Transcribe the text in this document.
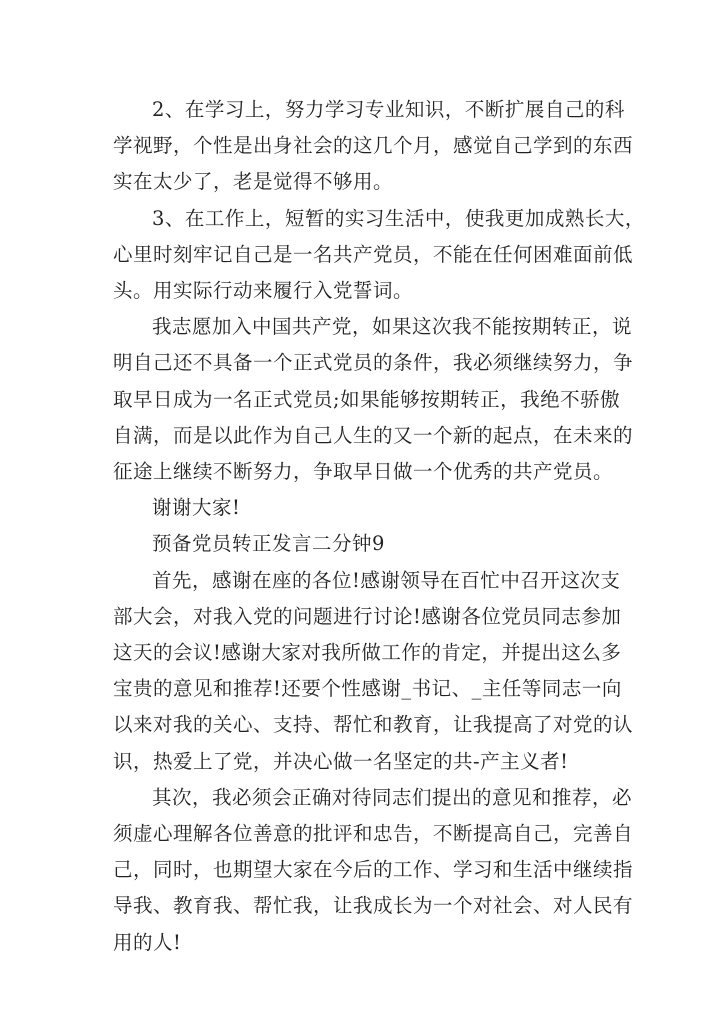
2、在学习上，努力学习专业知识，不断扩展自己的科
学视野，个性是出身社会的这几个月，感觉自己学到的东西
实在太少了，老是觉得不够用。
3、在工作上，短暂的实习生活中，使我更加成熟长大，
心里时刻牢记自己是一名共产党员，不能在任何困难面前低
头。用实际行动来履行入党誓词。
我志愿加入中国共产党，如果这次我不能按期转正，说
明自己还不具备一个正式党员的条件，我必须继续努力，争
取早日成为一名正式党员;如果能够按期转正，我绝不骄傲
自满，而是以此作为自己人生的又一个新的起点，在未来的
征途上继续不断努力，争取早日做一个优秀的共产党员。
谢谢大家!
预备党员转正发言二分钟9
首先，感谢在座的各位!感谢领导在百忙中召开这次支
部大会，对我入党的问题进行讨论!感谢各位党员同志参加
这天的会议!感谢大家对我所做工作的肯定，并提出这么多
宝贵的意见和推荐!还要个性感谢_书记、_主任等同志一向
以来对我的关心、支持、帮忙和教育，让我提高了对党的认
识，热爱上了党，并决心做一名坚定的共-产主义者!
其次，我必须会正确对待同志们提出的意见和推荐，必
须虚心理解各位善意的批评和忠告，不断提高自己，完善自
己，同时，也期望大家在今后的工作、学习和生活中继续指
导我、教育我、帮忙我，让我成长为一个对社会、对人民有
用的人!
